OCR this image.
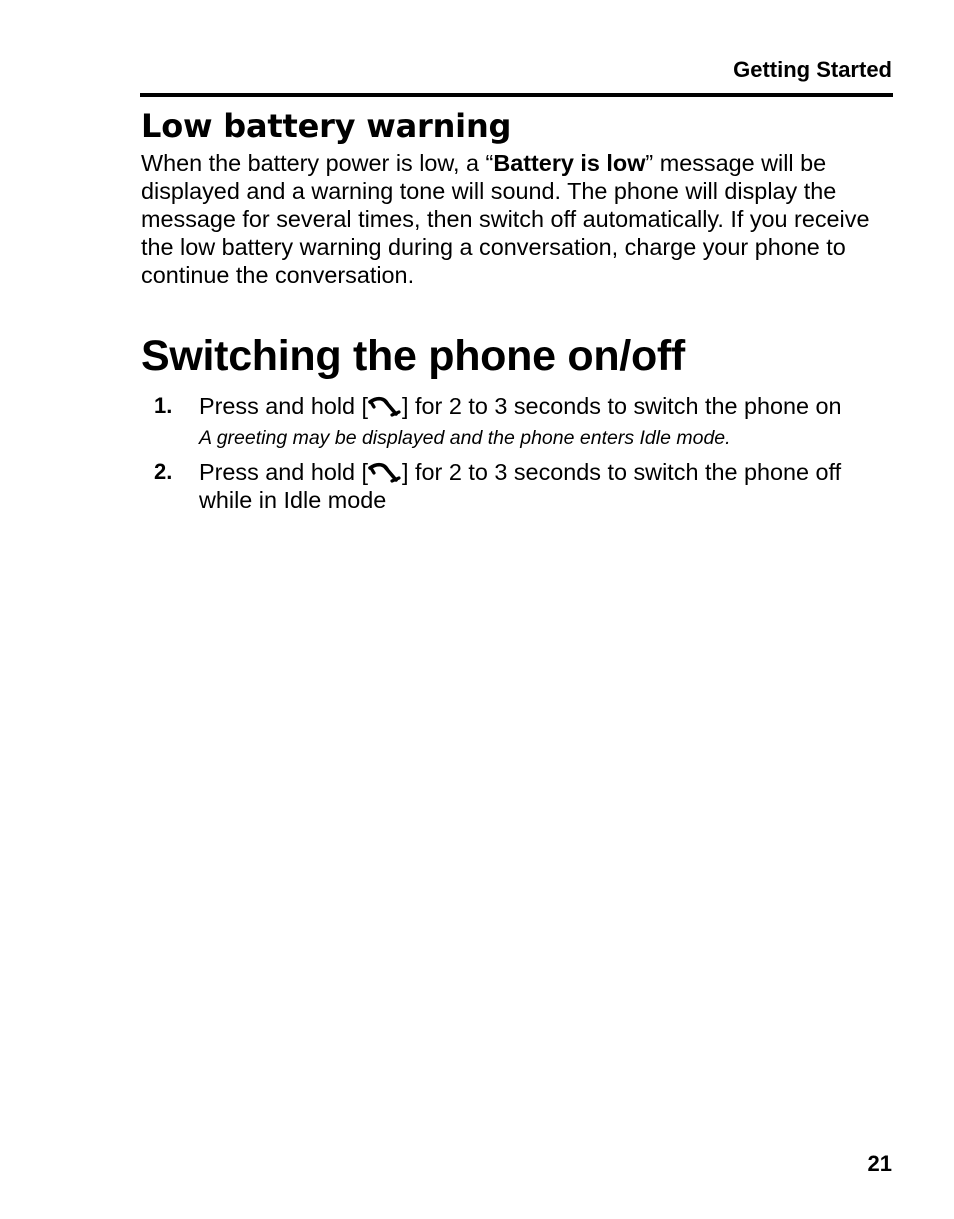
Getting Started
Low battery warning

When the battery power is low, a “Battery is low” message will be displayed and a warning tone will sound. The phone will display the message for several times, then switch off automatically. If you receive the low battery warning during a conversation, charge your phone to continue the conversation.

Switching the phone on/off
1. Press and hold [ ] for 2 to 3 seconds to switch the phone on
A greeting may be displayed and the phone enters Idle mode.
2. Press and hold [ ] for 2 to 3 seconds to switch the phone off while in Idle mode
21
